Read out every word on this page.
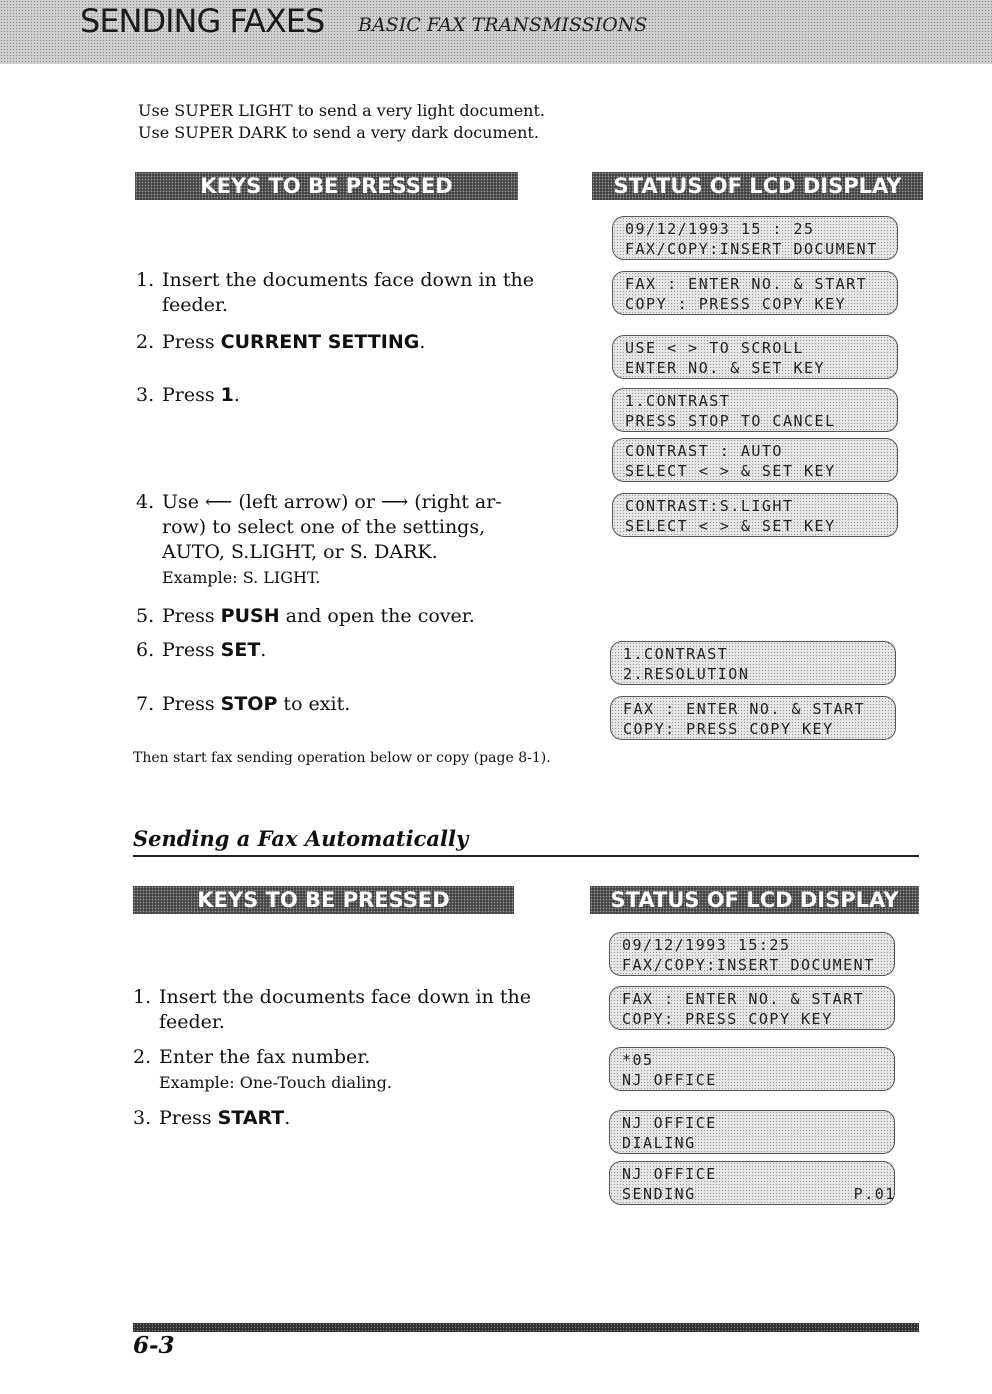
SENDING FAXES BASIC FAX TRANSMISSIONS
Use SUPER LIGHT to send a very light document.
Use SUPER DARK to send a very dark document.
KEYS TO BE PRESSED	STATUS OF LCD DISPLAY
1. Insert the documents face down in the
feeder.
2. Press CURRENT SETTING.
3. Press 1.
4. Use ⟵ (left arrow) or ⟶ (right ar-
row) to select one of the settings,
AUTO, S.LIGHT, or S. DARK.
Example: S. LIGHT.
5. Press PUSH and open the cover.
6. Press SET.
7. Press STOP to exit.
09/12/1993 15 : 25
FAX/COPY:INSERT DOCUMENT
FAX : ENTER NO. & START
COPY : PRESS COPY KEY
USE < > TO SCROLL
ENTER NO. & SET KEY
1.CONTRAST
PRESS STOP TO CANCEL
CONTRAST : AUTO
SELECT < > & SET KEY
CONTRAST:S.LIGHT
SELECT < > & SET KEY
1.CONTRAST
2.RESOLUTION
FAX : ENTER NO. & START
COPY: PRESS COPY KEY
Then start fax sending operation below or copy (page 8-1).
Sending a Fax Automatically
KEYS TO BE PRESSED	STATUS OF LCD DISPLAY
1. Insert the documents face down in the
feeder.
2. Enter the fax number.
Example: One-Touch dialing.
3. Press START.
09/12/1993 15:25
FAX/COPY:INSERT DOCUMENT
FAX : ENTER NO. & START
COPY: PRESS COPY KEY
*05
NJ OFFICE
NJ OFFICE
DIALING
NJ OFFICE
SENDING               P.01
6-3
